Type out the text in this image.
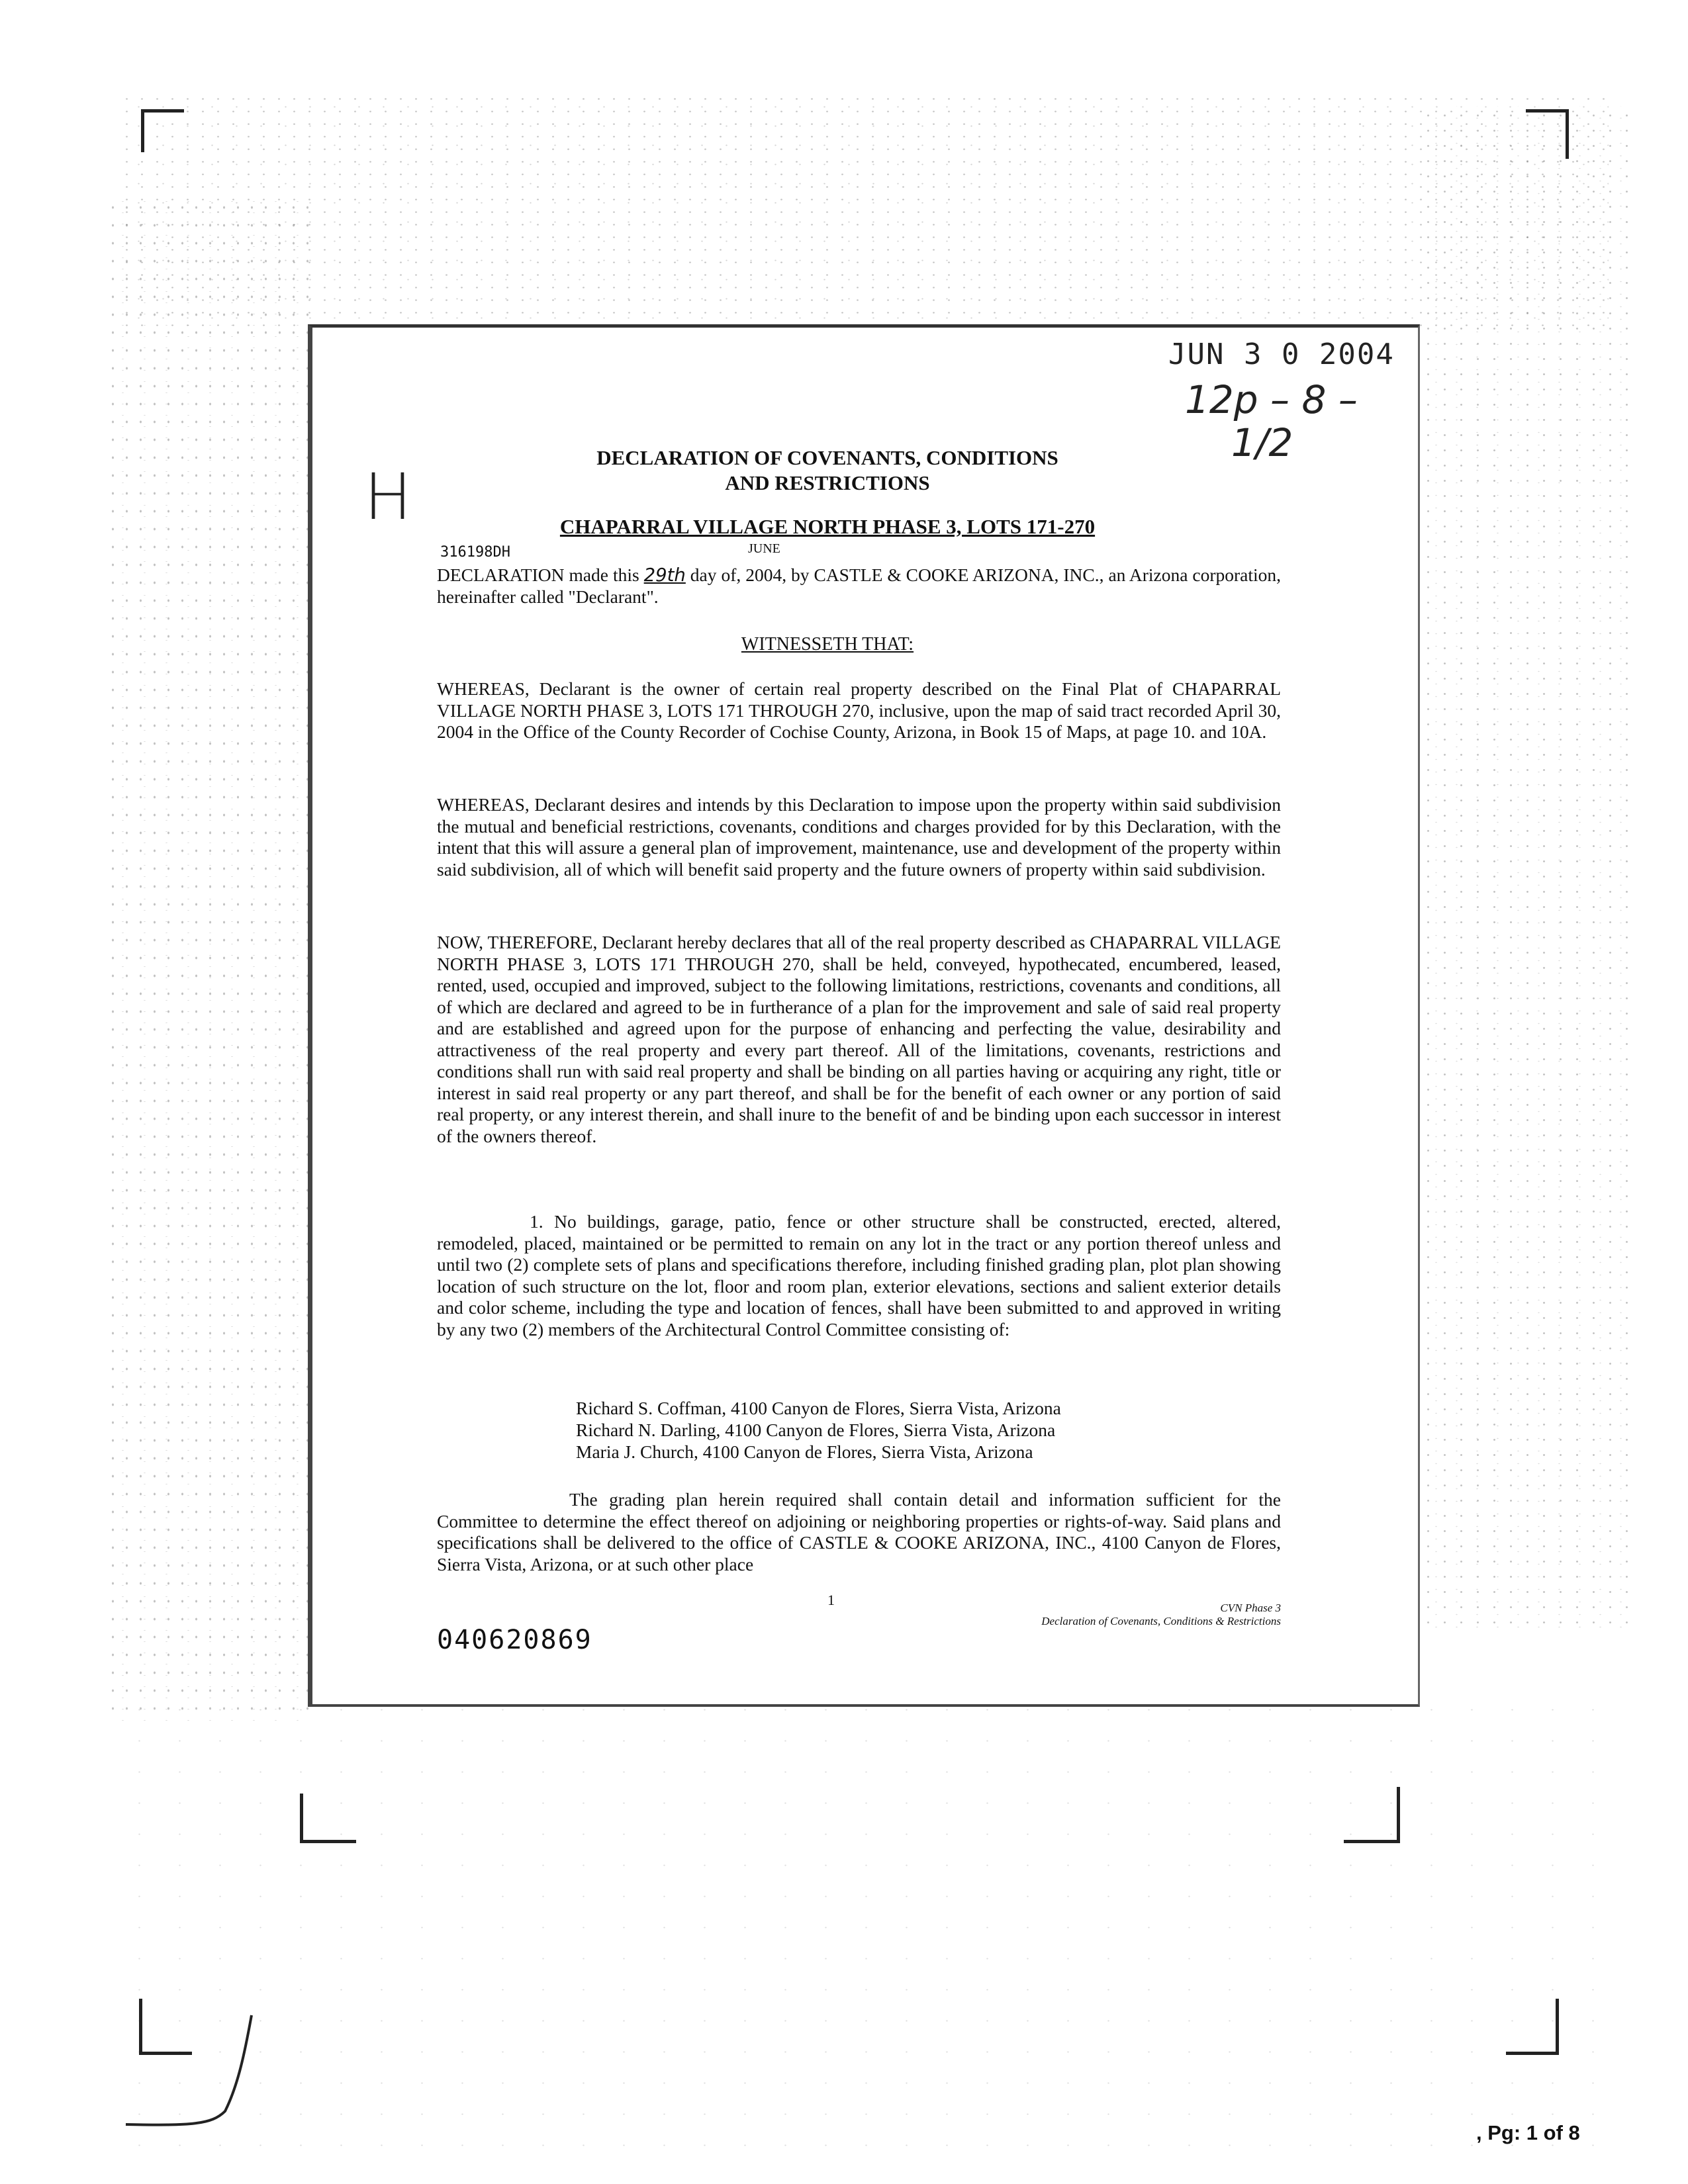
JUN 3 0 2004
12p – 8 –
1/2
H
DECLARATION OF COVENANTS, CONDITIONS
AND RESTRICTIONS
CHAPARRAL VILLAGE NORTH PHASE 3, LOTS 171-270
316198DH	JUNE
DECLARATION made this 29th day of, 2004, by CASTLE & COOKE ARIZONA, INC., an Arizona corporation, hereinafter called "Declarant".
WITNESSETH THAT:
WHEREAS, Declarant is the owner of certain real property described on the Final Plat of CHAPARRAL VILLAGE NORTH PHASE 3, LOTS 171 THROUGH 270, inclusive, upon the map of said tract recorded April 30, 2004 in the Office of the County Recorder of Cochise County, Arizona, in Book 15 of Maps, at page 10. and 10A.
WHEREAS, Declarant desires and intends by this Declaration to impose upon the property within said subdivision the mutual and beneficial restrictions, covenants, conditions and charges provided for by this Declaration, with the intent that this will assure a general plan of improvement, maintenance, use and development of the property within said subdivision, all of which will benefit said property and the future owners of property within said subdivision.
NOW, THEREFORE, Declarant hereby declares that all of the real property described as CHAPARRAL VILLAGE NORTH PHASE 3, LOTS 171 THROUGH 270, shall be held, conveyed, hypothecated, encumbered, leased, rented, used, occupied and improved, subject to the following limitations, restrictions, covenants and conditions, all of which are declared and agreed to be in furtherance of a plan for the improvement and sale of said real property and are established and agreed upon for the purpose of enhancing and perfecting the value, desirability and attractiveness of the real property and every part thereof. All of the limitations, covenants, restrictions and conditions shall run with said real property and shall be binding on all parties having or acquiring any right, title or interest in said real property or any part thereof, and shall be for the benefit of each owner or any portion of said real property, or any interest therein, and shall inure to the benefit of and be binding upon each successor in interest of the owners thereof.
1. No buildings, garage, patio, fence or other structure shall be constructed, erected, altered, remodeled, placed, maintained or be permitted to remain on any lot in the tract or any portion thereof unless and until two (2) complete sets of plans and specifications therefore, including finished grading plan, plot plan showing location of such structure on the lot, floor and room plan, exterior elevations, sections and salient exterior details and color scheme, including the type and location of fences, shall have been submitted to and approved in writing by any two (2) members of the Architectural Control Committee consisting of:
Richard S. Coffman, 4100 Canyon de Flores, Sierra Vista, Arizona
Richard N. Darling, 4100 Canyon de Flores, Sierra Vista, Arizona
Maria J. Church, 4100 Canyon de Flores, Sierra Vista, Arizona
The grading plan herein required shall contain detail and information sufficient for the Committee to determine the effect thereof on adjoining or neighboring properties or rights-of-way. Said plans and specifications shall be delivered to the office of CASTLE & COOKE ARIZONA, INC., 4100 Canyon de Flores, Sierra Vista, Arizona, or at such other place
1	CVN Phase 3
Declaration of Covenants, Conditions & Restrictions
040620869
, Pg: 1 of 8
